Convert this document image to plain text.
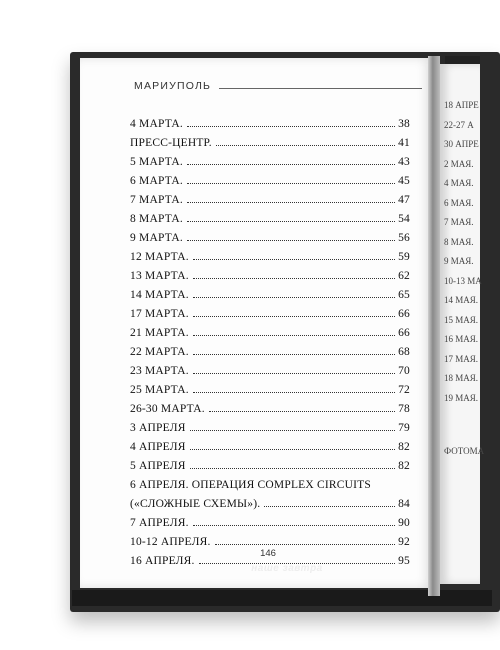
18 АПРЕ
22-27 А
30 АПРЕ
2 МАЯ.
4 МАЯ.
6 МАЯ.
7 МАЯ.
8 МАЯ.
9 МАЯ.
10-13 МА
14 МАЯ.
15 МАЯ.
16 МАЯ.
17 МАЯ.
18 МАЯ.
19 МАЯ.
ФОТОМА
МАРИУПОЛЬ
4 МАРТА.	38
ПРЕСС-ЦЕНТР.	41
5 МАРТА.	43
6 МАРТА.	45
7 МАРТА.	47
8 МАРТА.	54
9 МАРТА.	56
12 МАРТА.	59
13 МАРТА.	62
14 МАРТА.	65
17 МАРТА.	66
21 МАРТА.	66
22 МАРТА.	68
23 МАРТА.	70
25 МАРТА.	72
26-30 МАРТА.	78
3 АПРЕЛЯ	79
4 АПРЕЛЯ	82
5 АПРЕЛЯ	82
6 АПРЕЛЯ. ОПЕРАЦИЯ COMPLEX CIRCUITS
(«СЛОЖНЫЕ СХЕМЫ»).	84
7 АПРЕЛЯ.	90
10-12 АПРЕЛЯ.	92
16 АПРЕЛЯ.	95
146
наше завтра
